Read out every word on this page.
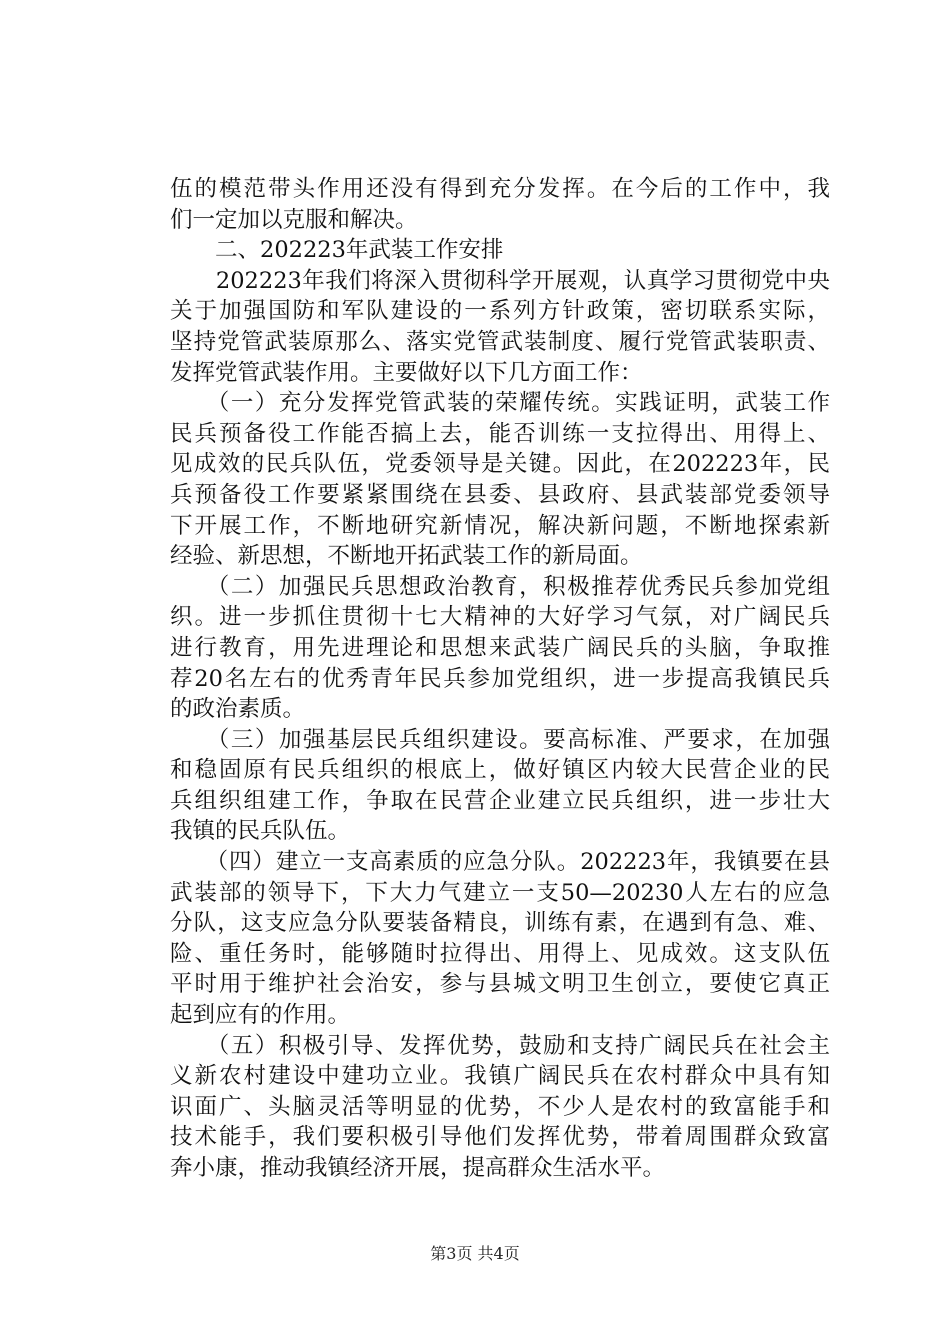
伍的模范带头作用还没有得到充分发挥。在今后的工作中，我
们一定加以克服和解决。
　　二、202223年武装工作安排
　　202223年我们将深入贯彻科学开展观，认真学习贯彻党中央
关于加强国防和军队建设的一系列方针政策，密切联系实际，
坚持党管武装原那么、落实党管武装制度、履行党管武装职责、
发挥党管武装作用。主要做好以下几方面工作：
　　（一）充分发挥党管武装的荣耀传统。实践证明，武装工作
民兵预备役工作能否搞上去，能否训练一支拉得出、用得上、
见成效的民兵队伍，党委领导是关键。因此，在202223年，民
兵预备役工作要紧紧围绕在县委、县政府、县武装部党委领导
下开展工作，不断地研究新情况，解决新问题，不断地探索新
经验、新思想，不断地开拓武装工作的新局面。
　　（二）加强民兵思想政治教育，积极推荐优秀民兵参加党组
织。进一步抓住贯彻十七大精神的大好学习气氛，对广阔民兵
进行教育，用先进理论和思想来武装广阔民兵的头脑，争取推
荐20名左右的优秀青年民兵参加党组织，进一步提高我镇民兵
的政治素质。
　　（三）加强基层民兵组织建设。要高标准、严要求，在加强
和稳固原有民兵组织的根底上，做好镇区内较大民营企业的民
兵组织组建工作，争取在民营企业建立民兵组织，进一步壮大
我镇的民兵队伍。
　　（四）建立一支高素质的应急分队。202223年，我镇要在县
武装部的领导下，下大力气建立一支50—20230人左右的应急
分队，这支应急分队要装备精良，训练有素，在遇到有急、难、
险、重任务时，能够随时拉得出、用得上、见成效。这支队伍
平时用于维护社会治安，参与县城文明卫生创立，要使它真正
起到应有的作用。
　　（五）积极引导、发挥优势，鼓励和支持广阔民兵在社会主
义新农村建设中建功立业。我镇广阔民兵在农村群众中具有知
识面广、头脑灵活等明显的优势，不少人是农村的致富能手和
技术能手，我们要积极引导他们发挥优势，带着周围群众致富
奔小康，推动我镇经济开展，提高群众生活水平。
第3页 共4页
